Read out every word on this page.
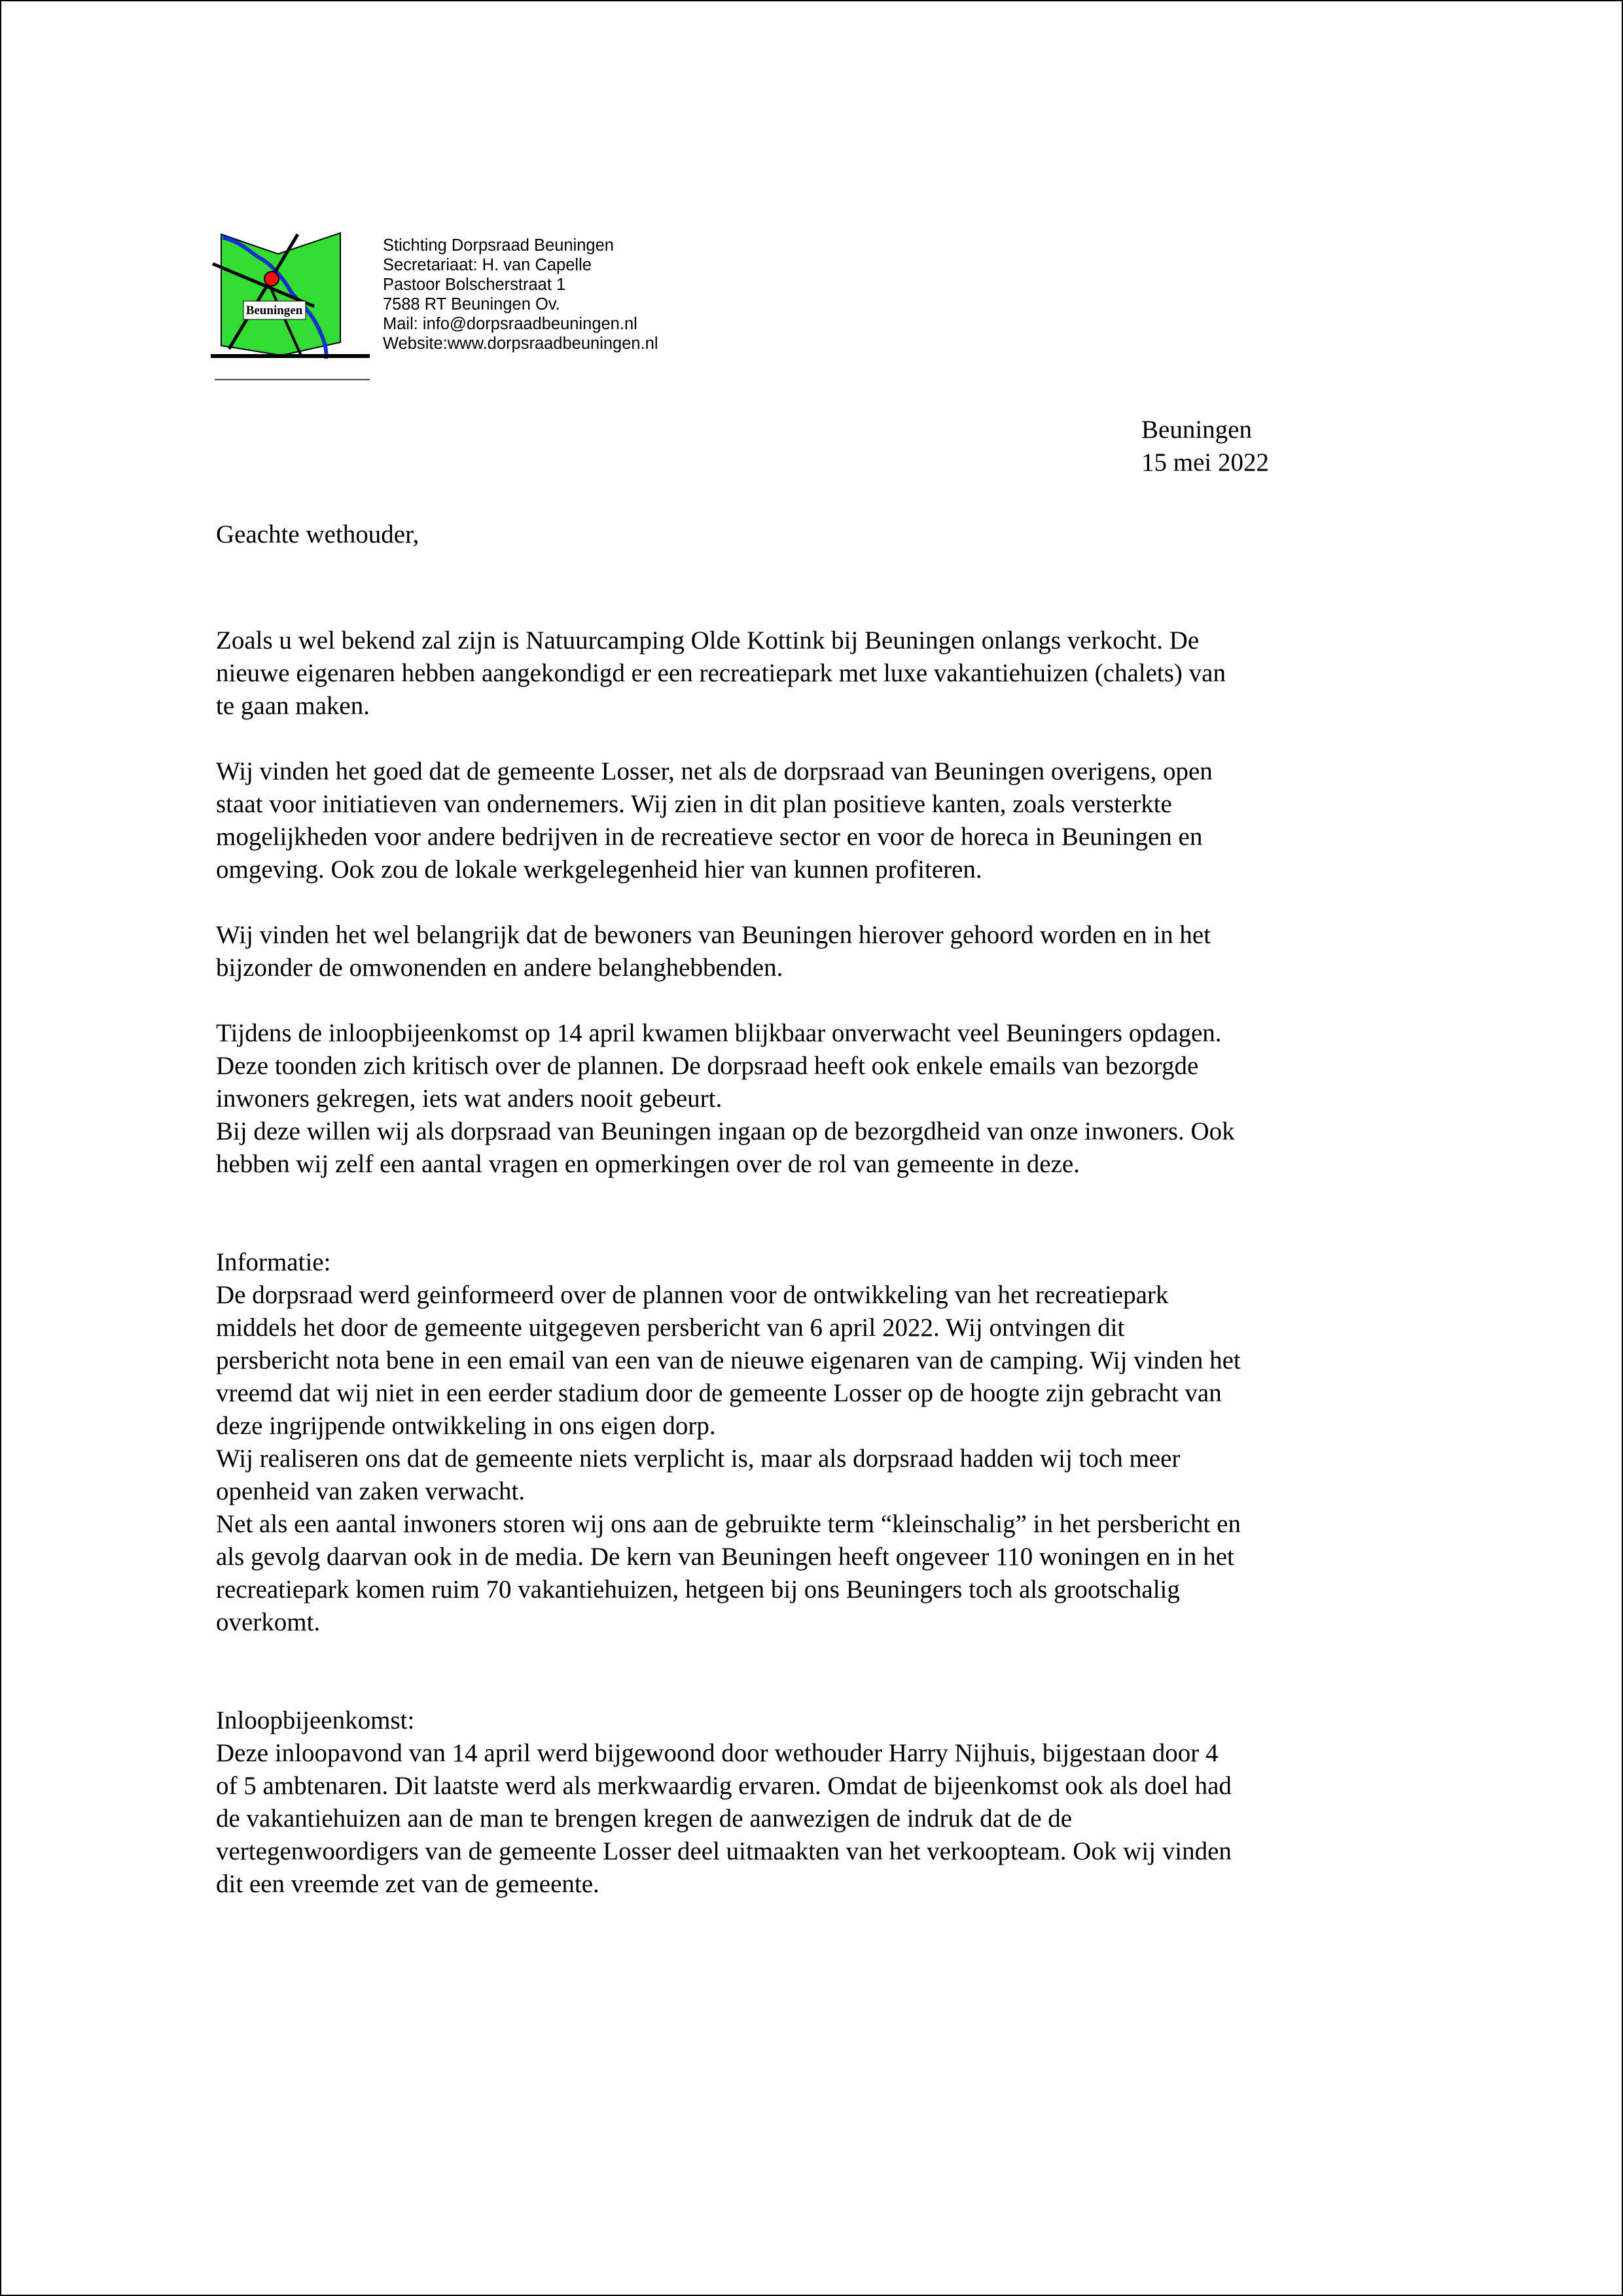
Beuningen
Stichting Dorpsraad Beuningen
Secretariaat: H. van Capelle
Pastoor Bolscherstraat 1
7588 RT Beuningen Ov.
Mail: info@dorpsraadbeuningen.nl
Website:www.dorpsraadbeuningen.nl
Beuningen
15 mei 2022
Geachte wethouder,
Zoals u wel bekend zal zijn is Natuurcamping Olde Kottink bij Beuningen onlangs verkocht. De
nieuwe eigenaren hebben aangekondigd er een recreatiepark met luxe vakantiehuizen (chalets) van
te gaan maken.
Wij vinden het goed dat de gemeente Losser, net als de dorpsraad van Beuningen overigens, open
staat voor initiatieven van ondernemers. Wij zien in dit plan positieve kanten, zoals versterkte
mogelijkheden voor andere bedrijven in de recreatieve sector en voor de horeca in Beuningen en
omgeving. Ook zou de lokale werkgelegenheid hier van kunnen profiteren.
Wij vinden het wel belangrijk dat de bewoners van Beuningen hierover gehoord worden en in het
bijzonder de omwonenden en andere belanghebbenden.
Tijdens de inloopbijeenkomst op 14 april kwamen blijkbaar onverwacht veel Beuningers opdagen.
Deze toonden zich kritisch over de plannen. De dorpsraad heeft ook enkele emails van bezorgde
inwoners gekregen, iets wat anders nooit gebeurt.
Bij deze willen wij als dorpsraad van Beuningen ingaan op de bezorgdheid van onze inwoners. Ook
hebben wij zelf een aantal vragen en opmerkingen over de rol van gemeente in deze.
Informatie:
De dorpsraad werd geinformeerd over de plannen voor de ontwikkeling van het recreatiepark
middels het door de gemeente uitgegeven persbericht van 6 april 2022. Wij ontvingen dit
persbericht nota bene in een email van een van de nieuwe eigenaren van de camping. Wij vinden het
vreemd dat wij niet in een eerder stadium door de gemeente Losser op de hoogte zijn gebracht van
deze ingrijpende ontwikkeling in ons eigen dorp.
Wij realiseren ons dat de gemeente niets verplicht is, maar als dorpsraad hadden wij toch meer
openheid van zaken verwacht.
Net als een aantal inwoners storen wij ons aan de gebruikte term “kleinschalig” in het persbericht en
als gevolg daarvan ook in de media. De kern van Beuningen heeft ongeveer 110 woningen en in het
recreatiepark komen ruim 70 vakantiehuizen, hetgeen bij ons Beuningers toch als grootschalig
overkomt.
Inloopbijeenkomst:
Deze inloopavond van 14 april werd bijgewoond door wethouder Harry Nijhuis, bijgestaan door 4
of 5 ambtenaren. Dit laatste werd als merkwaardig ervaren. Omdat de bijeenkomst ook als doel had
de vakantiehuizen aan de man te brengen kregen de aanwezigen de indruk dat de de
vertegenwoordigers van de gemeente Losser deel uitmaakten van het verkoopteam. Ook wij vinden
dit een vreemde zet van de gemeente.
